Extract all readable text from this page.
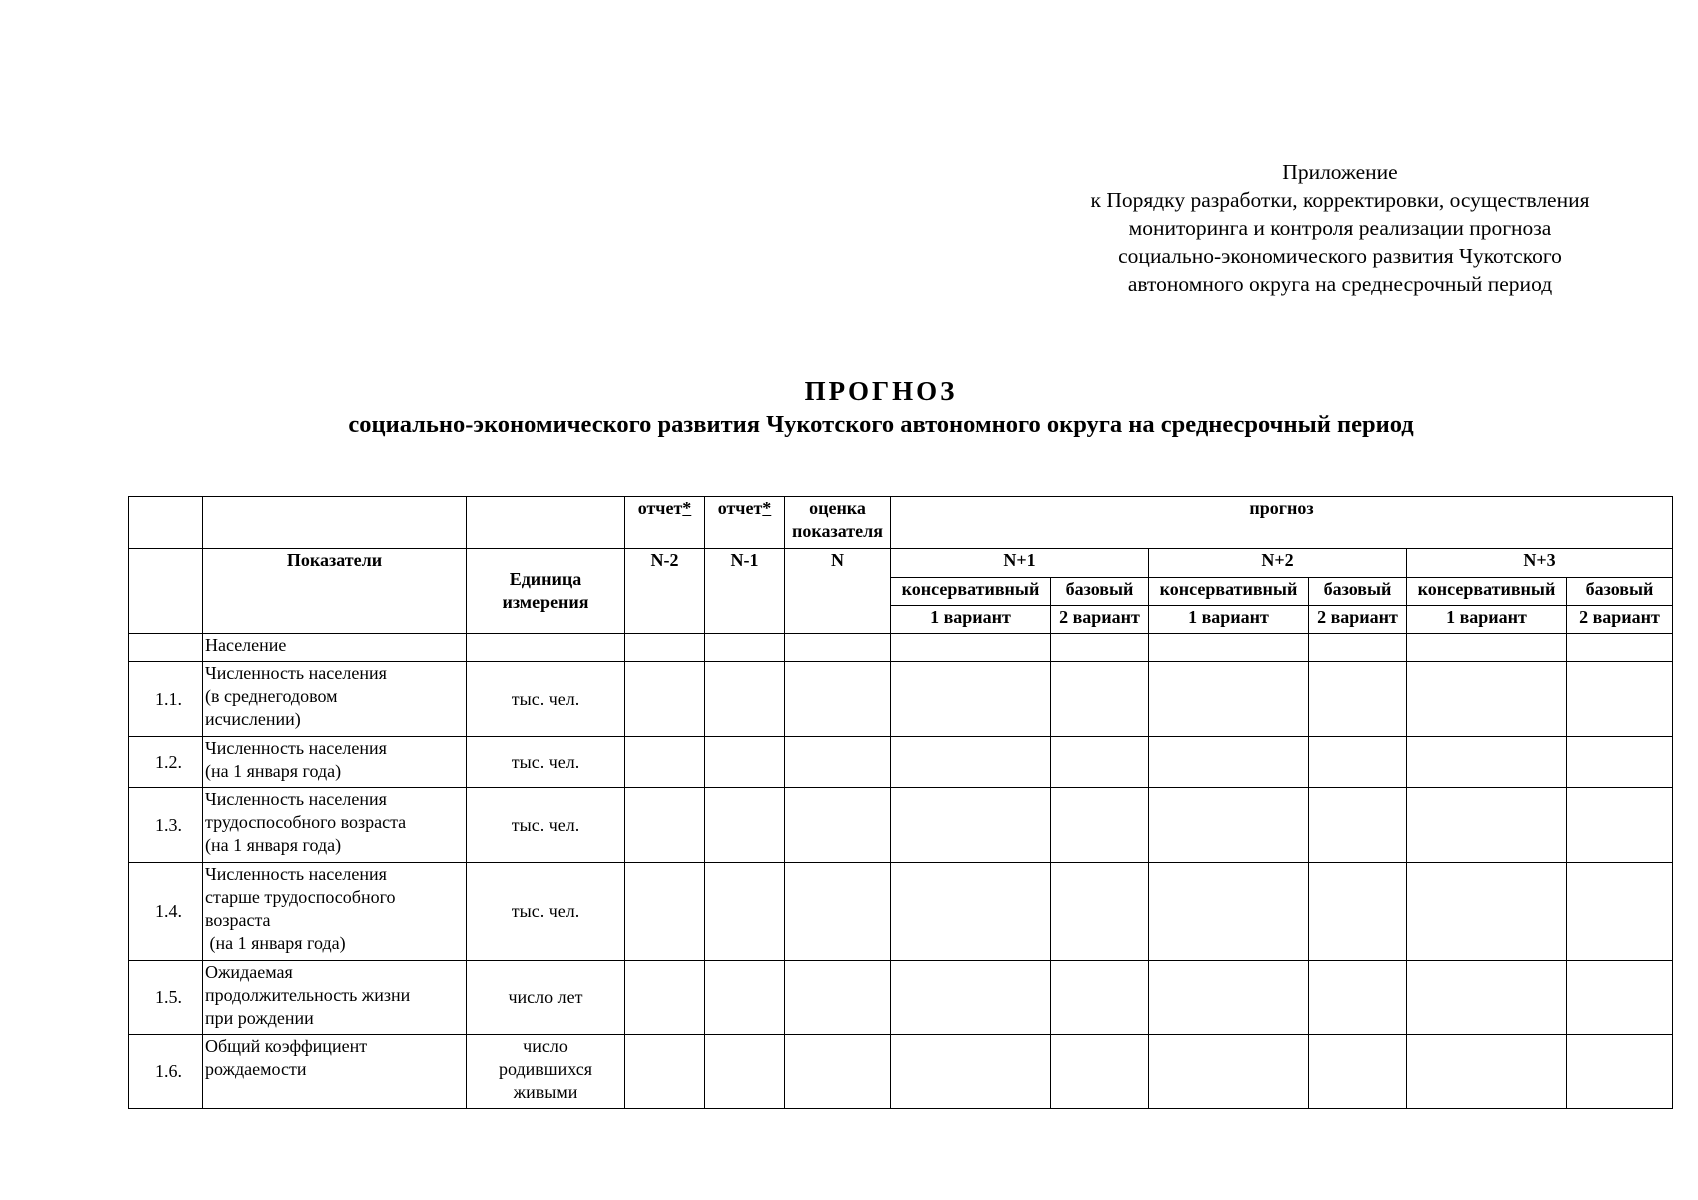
Приложение
к Порядку разработки, корректировки, осуществления
мониторинга и контроля реализации прогноза
социально-экономического развития Чукотского
автономного округа на среднесрочный период
ПРОГНОЗ
социально-экономического развития Чукотского автономного округа на среднесрочный период
			отчет*	отчет*	оценка показателя	прогноз					
	Показатели	Единица измерения	N-2	N-1	N	N+1		N+2		N+3	
						консервативный	базовый	консервативный	базовый	консервативный	базовый
						1 вариант	2 вариант	1 вариант	2 вариант	1 вариант	2 вариант
	Население										
1.1.	Численность населения
(в среднегодовом
исчислении)	тыс. чел.									
1.2.	Численность населения
(на 1 января года)	тыс. чел.									
1.3.	Численность населения
трудоспособного возраста
(на 1 января года)	тыс. чел.									
1.4.	Численность населения
старше трудоспособного
возраста
(на 1 января года)	тыс. чел.									
1.5.	Ожидаемая
продолжительность жизни
при рождении	число лет									
1.6.	Общий коэффициент
рождаемости	число родившихся живыми									
